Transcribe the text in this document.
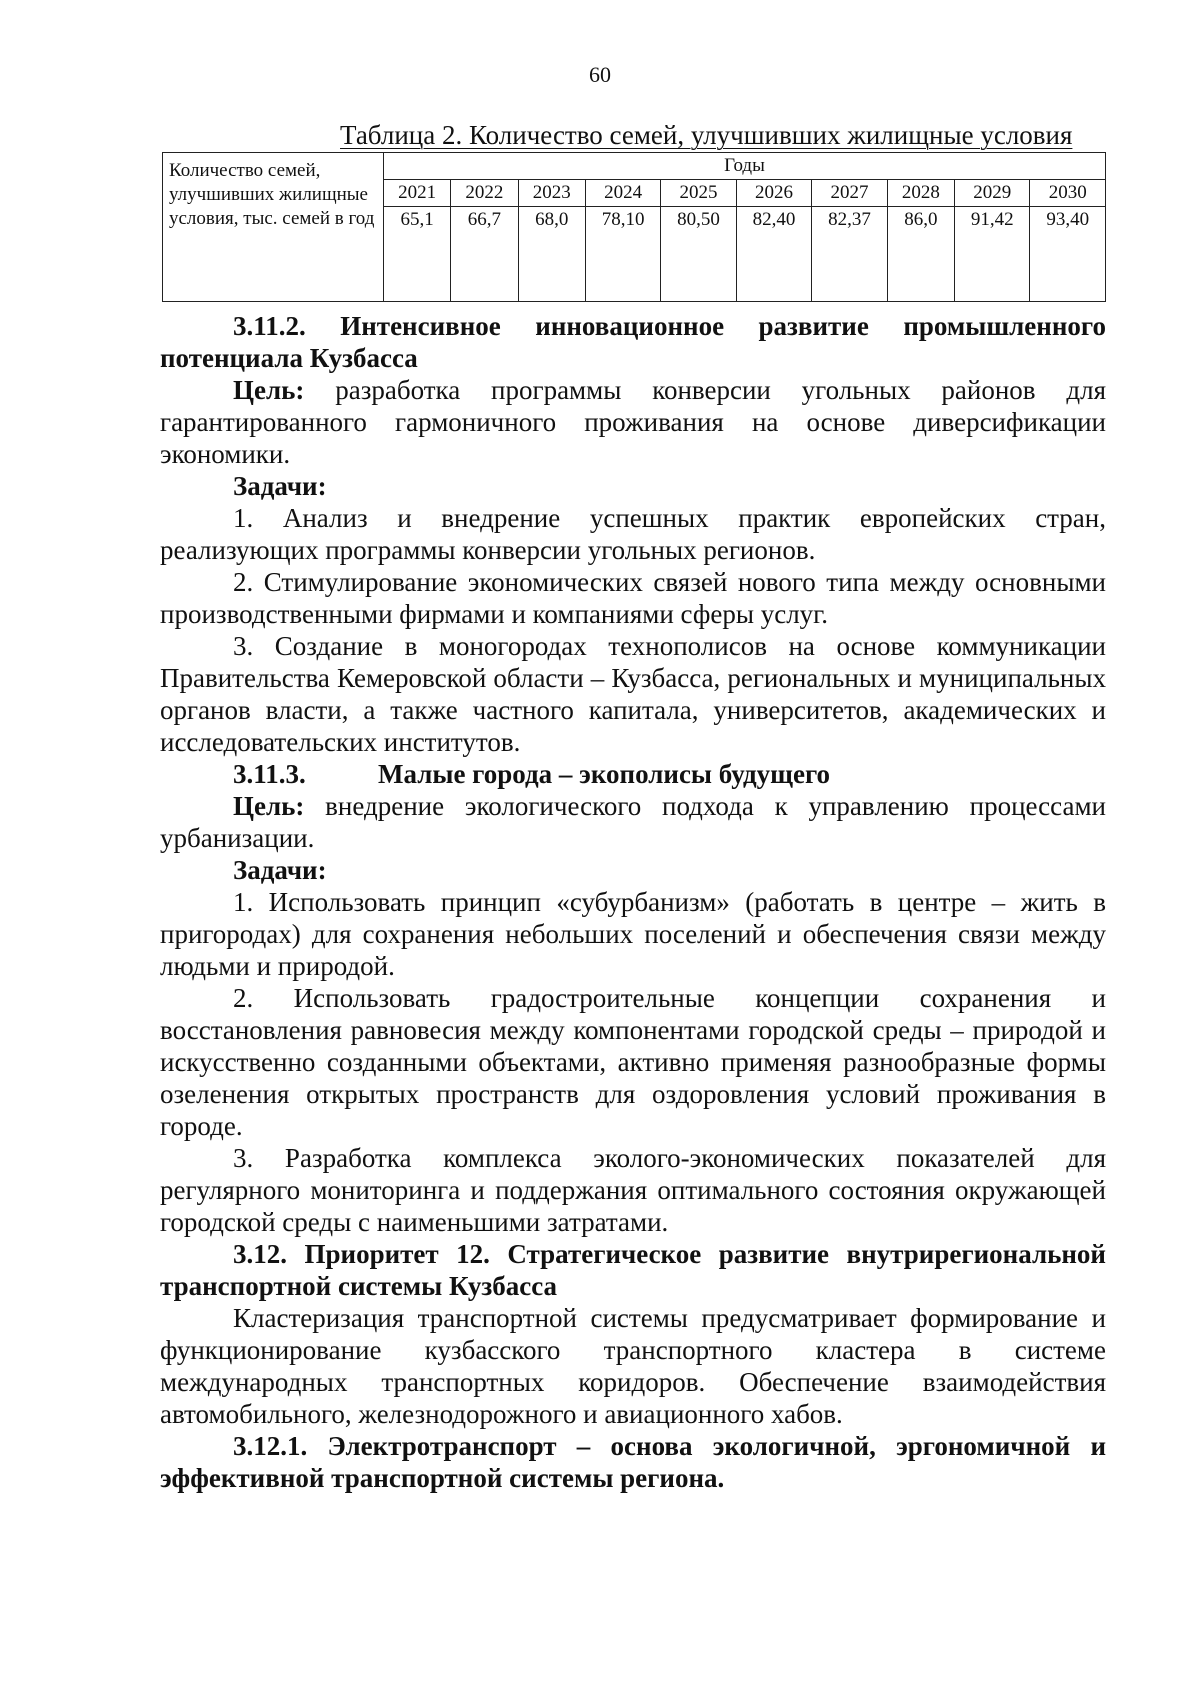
60
Таблица 2. Количество семей, улучшивших жилищные условия
Количество семей, улучшивших жилищные условия, тыс. семей в год	Годы									
	2021	2022	2023	2024	2025	2026	2027	2028	2029	2030
	65,1	66,7	68,0	78,10	80,50	82,40	82,37	86,0	91,42	93,40

3.11.2. Интенсивное инновационное развитие промышленного потенциала Кузбасса

Цель: разработка программы конверсии угольных районов для гарантированного гармоничного проживания на основе диверсификации экономики.

Задачи:

1. Анализ и внедрение успешных практик европейских стран, реализующих программы конверсии угольных регионов.

2. Стимулирование экономических связей нового типа между основными производственными фирмами и компаниями сферы услуг.

3. Создание в моногородах технополисов на основе коммуникации Правительства Кемеровской области – Кузбасса, региональных и муниципальных органов власти, а также частного капитала, университетов, академических и исследовательских институтов.

3.11.3.	Малые города – экополисы будущего

Цель: внедрение экологического подхода к управлению процессами урбанизации.

Задачи:

1. Использовать принцип «субурбанизм» (работать в центре – жить в пригородах) для сохранения небольших поселений и обеспечения связи между людьми и природой.

2. Использовать градостроительные концепции сохранения и восстановления равновесия между компонентами городской среды – природой и искусственно созданными объектами, активно применяя разнообразные формы озеленения открытых пространств для оздоровления условий проживания в городе.

3. Разработка комплекса эколого-экономических показателей для регулярного мониторинга и поддержания оптимального состояния окружающей городской среды с наименьшими затратами.

3.12. Приоритет 12. Стратегическое развитие внутрирегиональной транспортной системы Кузбасса

Кластеризация транспортной системы предусматривает формирование и функционирование кузбасского транспортного кластера в системе международных транспортных коридоров. Обеспечение взаимодействия автомобильного, железнодорожного и авиационного хабов.

3.12.1. Электротранспорт – основа экологичной, эргономичной и эффективной транспортной системы региона.
